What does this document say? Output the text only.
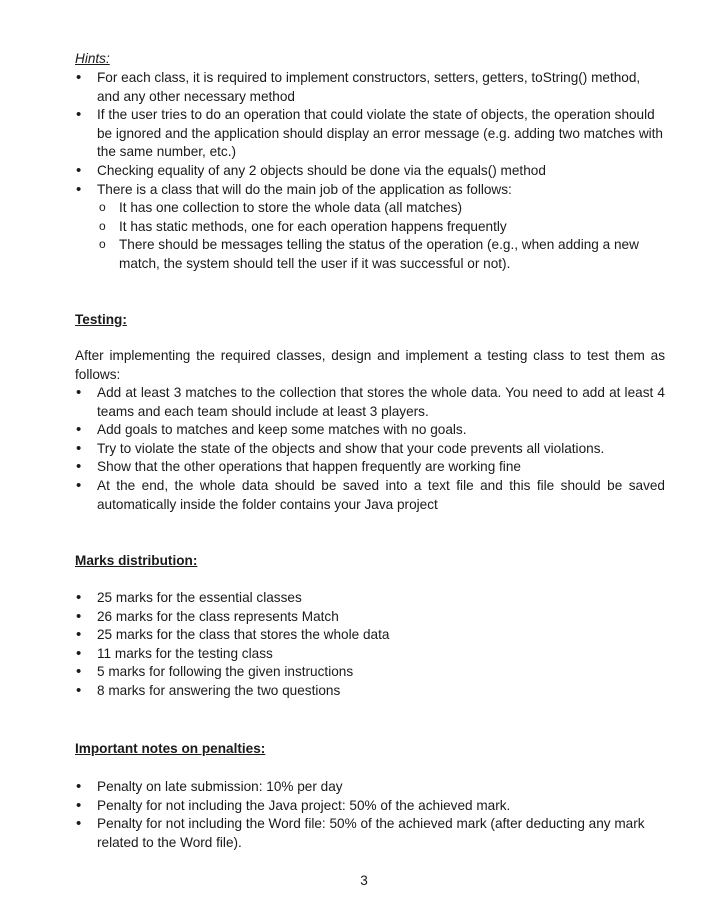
Hints:
• For each class, it is required to implement constructors, setters, getters, toString() method, and any other necessary method
• If the user tries to do an operation that could violate the state of objects, the operation should be ignored and the application should display an error message (e.g. adding two matches with the same number, etc.)
• Checking equality of any 2 objects should be done via the equals() method
• There is a class that will do the main job of the application as follows:
o It has one collection to store the whole data (all matches)
o It has static methods, one for each operation happens frequently
o There should be messages telling the status of the operation (e.g., when adding a new match, the system should tell the user if it was successful or not).
Testing:
After implementing the required classes, design and implement a testing class to test them as follows:
• Add at least 3 matches to the collection that stores the whole data. You need to add at least 4 teams and each team should include at least 3 players.
• Add goals to matches and keep some matches with no goals.
• Try to violate the state of the objects and show that your code prevents all violations.
• Show that the other operations that happen frequently are working fine
• At the end, the whole data should be saved into a text file and this file should be saved automatically inside the folder contains your Java project
Marks distribution:
• 25 marks for the essential classes
• 26 marks for the class represents Match
• 25 marks for the class that stores the whole data
• 11 marks for the testing class
• 5 marks for following the given instructions
• 8 marks for answering the two questions
Important notes on penalties:
• Penalty on late submission: 10% per day
• Penalty for not including the Java project: 50% of the achieved mark.
• Penalty for not including the Word file: 50% of the achieved mark (after deducting any mark related to the Word file).
3
